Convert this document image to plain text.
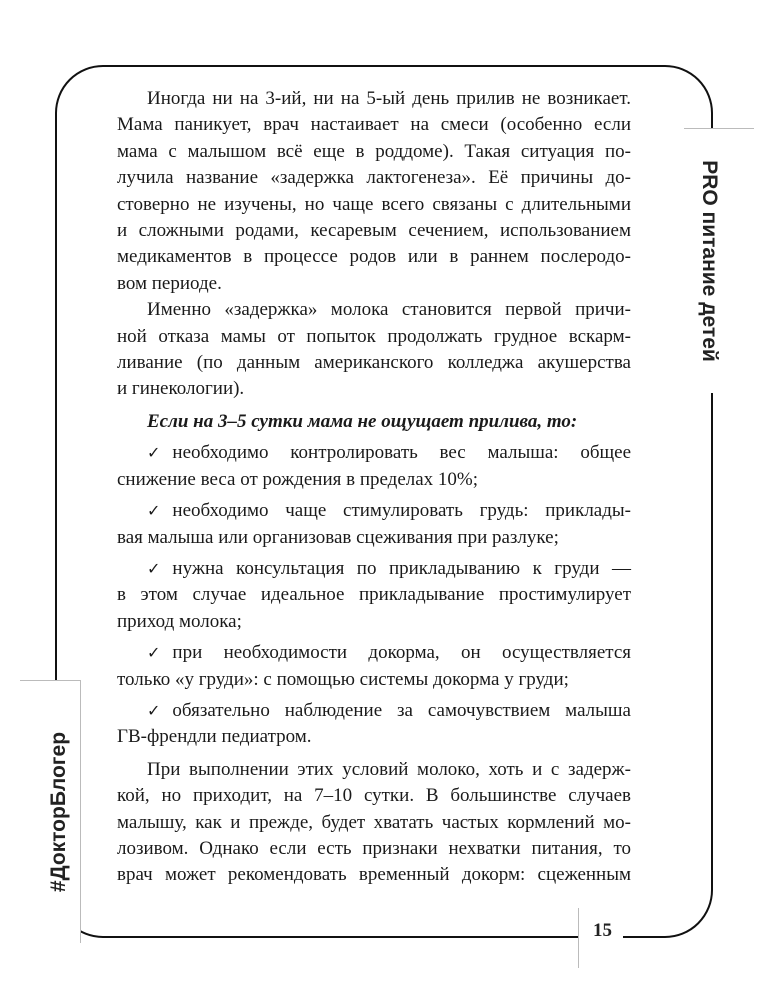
PRO питание детей
#ДокторБлогер
15
Иногда ни на 3-ий, ни на 5-ый день прилив не возникает.
Мама паникует, врач настаивает на смеси (особенно если
мама с малышом всё еще в роддоме). Такая ситуация по-
лучила название «задержка лактогенеза». Её причины до-
стоверно не изучены, но чаще всего связаны с длительными
и сложными родами, кесаревым сечением, использованием
медикаментов в процессе родов или в раннем послеродо-
вом периоде.
Именно «задержка» молока становится первой причи-
ной отказа мамы от попыток продолжать грудное вскарм-
ливание (по данным американского колледжа акушерства
и гинекологии).
Если на 3–5 сутки мама не ощущает прилива, то:
✓ необходимо контролировать вес малыша: общее
снижение веса от рождения в пределах 10%;
✓ необходимо чаще стимулировать грудь: приклады-
вая малыша или организовав сцеживания при разлуке;
✓ нужна консультация по прикладыванию к груди —
в этом случае идеальное прикладывание простимулирует
приход молока;
✓ при необходимости докорма, он осуществляется
только «у груди»: с помощью системы докорма у груди;
✓ обязательно наблюдение за самочувствием малыша
ГВ-френдли педиатром.
При выполнении этих условий молоко, хоть и с задерж-
кой, но приходит, на 7–10 сутки. В большинстве случаев
малышу, как и прежде, будет хватать частых кормлений мо-
лозивом. Однако если есть признаки нехватки питания, то
врач может рекомендовать временный докорм: сцеженным
